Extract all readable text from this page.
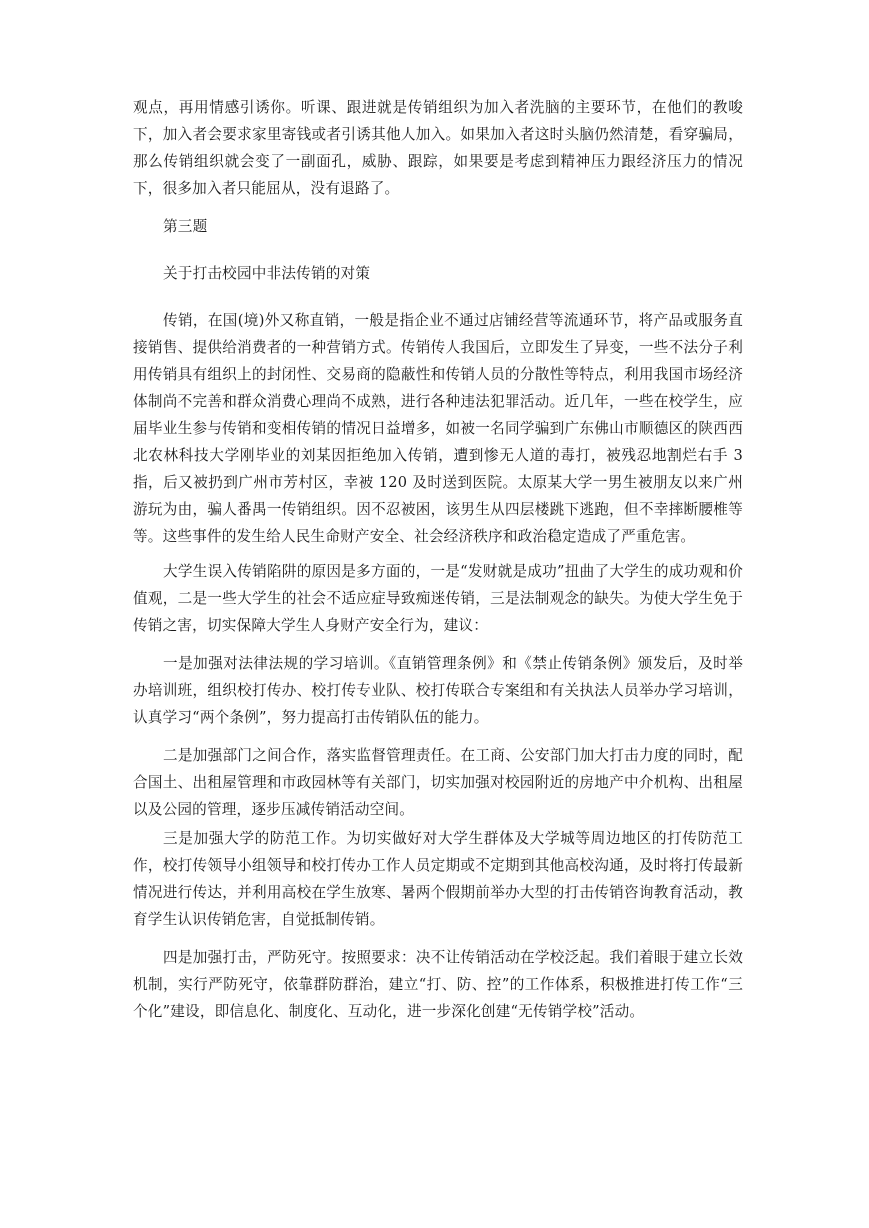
观点，再用情感引诱你。听课、跟进就是传销组织为加入者洗脑的主要环节，在他们的教唆下，加入者会要求家里寄钱或者引诱其他人加入。如果加入者这时头脑仍然清楚，看穿骗局，那么传销组织就会变了一副面孔，威胁、跟踪，如果要是考虑到精神压力跟经济压力的情况下，很多加入者只能屈从，没有退路了。

第三题

关于打击校园中非法传销的对策

传销，在国(境)外又称直销，一般是指企业不通过店铺经营等流通环节，将产品或服务直接销售、提供给消费者的一种营销方式。传销传人我国后，立即发生了异变，一些不法分子利用传销具有组织上的封闭性、交易商的隐蔽性和传销人员的分散性等特点，利用我国市场经济体制尚不完善和群众消费心理尚不成熟，进行各种违法犯罪活动。近几年，一些在校学生，应届毕业生参与传销和变相传销的情况日益增多，如被一名同学骗到广东佛山市顺德区的陕西西北农林科技大学刚毕业的刘某因拒绝加入传销，遭到惨无人道的毒打，被残忍地割烂右手 3 指，后又被扔到广州市芳村区，幸被 120 及时送到医院。太原某大学一男生被朋友以来广州游玩为由，骗人番禺一传销组织。因不忍被困，该男生从四层楼跳下逃跑，但不幸摔断腰椎等等。这些事件的发生给人民生命财产安全、社会经济秩序和政治稳定造成了严重危害。

大学生误入传销陷阱的原因是多方面的，一是“发财就是成功”扭曲了大学生的成功观和价值观，二是一些大学生的社会不适应症导致痴迷传销，三是法制观念的缺失。为使大学生免于传销之害，切实保障大学生人身财产安全行为，建议：

一是加强对法律法规的学习培训。《直销管理条例》和《禁止传销条例》颁发后，及时举办培训班，组织校打传办、校打传专业队、校打传联合专案组和有关执法人员举办学习培训，认真学习“两个条例”，努力提高打击传销队伍的能力。

二是加强部门之间合作，落实监督管理责任。在工商、公安部门加大打击力度的同时，配合国土、出租屋管理和市政园林等有关部门，切实加强对校园附近的房地产中介机构、出租屋以及公园的管理，逐步压减传销活动空间。

三是加强大学的防范工作。为切实做好对大学生群体及大学城等周边地区的打传防范工作，校打传领导小组领导和校打传办工作人员定期或不定期到其他高校沟通，及时将打传最新情况进行传达，并利用高校在学生放寒、暑两个假期前举办大型的打击传销咨询教育活动，教育学生认识传销危害，自觉抵制传销。

四是加强打击，严防死守。按照要求：决不让传销活动在学校泛起。我们着眼于建立长效机制，实行严防死守，依靠群防群治，建立“打、防、控”的工作体系，积极推进打传工作“三个化”建设，即信息化、制度化、互动化，进一步深化创建“无传销学校”活动。
